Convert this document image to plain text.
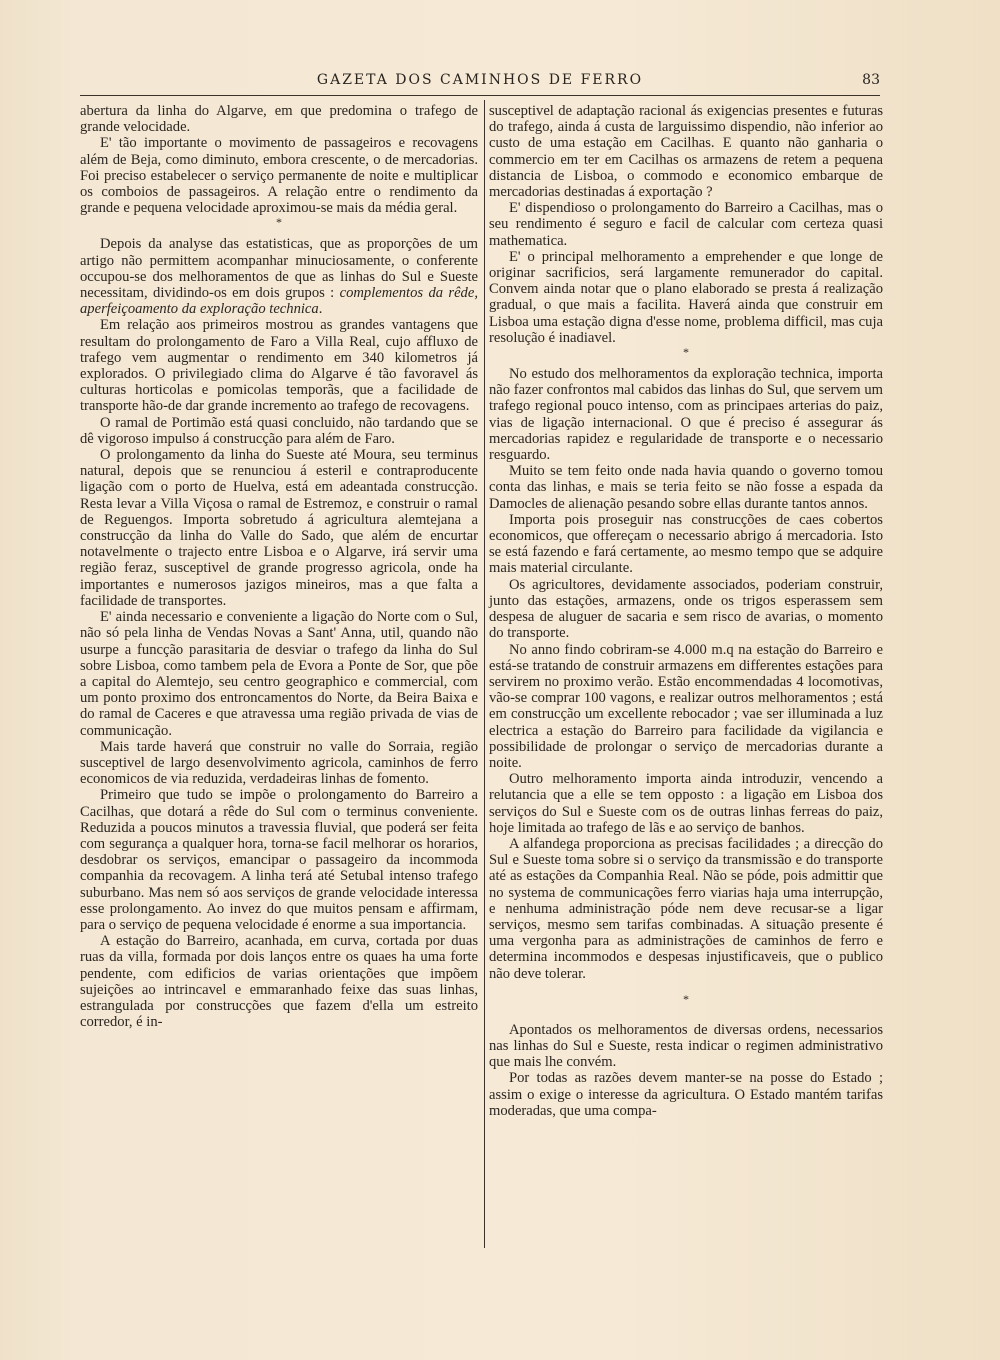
GAZETA DOS CAMINHOS DE FERRO	83

abertura da linha do Algarve, em que predomina o trafego de grande velocidade.

E' tão importante o movimento de passageiros e recovagens além de Beja, como diminuto, embora crescente, o de mercadorias. Foi preciso estabelecer o serviço permanente de noite e multiplicar os comboios de passageiros. A relação entre o rendimento da grande e pequena velocidade aproximou-se mais da média geral.

*

Depois da analyse das estatisticas, que as proporções de um artigo não permittem acompanhar minuciosamente, o conferente occupou-se dos melhoramentos de que as linhas do Sul e Sueste necessitam, dividindo-os em dois grupos : complementos da rêde, aperfeiçoamento da exploração technica.

Em relação aos primeiros mostrou as grandes vantagens que resultam do prolongamento de Faro a Villa Real, cujo affluxo de trafego vem augmentar o rendimento em 340 kilometros já explorados. O privilegiado clima do Algarve é tão favoravel ás culturas horticolas e pomicolas temporãs, que a facilidade de transporte hão-de dar grande incremento ao trafego de recovagens.

O ramal de Portimão está quasi concluido, não tardando que se dê vigoroso impulso á construcção para além de Faro.

O prolongamento da linha do Sueste até Moura, seu terminus natural, depois que se renunciou á esteril e contraproducente ligação com o porto de Huelva, está em adeantada construcção. Resta levar a Villa Viçosa o ramal de Estremoz, e construir o ramal de Reguengos. Importa sobretudo á agricultura alemtejana a construcção da linha do Valle do Sado, que além de encurtar notavelmente o trajecto entre Lisboa e o Algarve, irá servir uma região feraz, susceptivel de grande progresso agricola, onde ha importantes e numerosos jazigos mineiros, mas a que falta a facilidade de transportes.

E' ainda necessario e conveniente a ligação do Norte com o Sul, não só pela linha de Vendas Novas a Sant' Anna, util, quando não usurpe a funcção parasitaria de desviar o trafego da linha do Sul sobre Lisboa, como tambem pela de Evora a Ponte de Sor, que põe a capital do Alemtejo, seu centro geographico e commercial, com um ponto proximo dos entroncamentos do Norte, da Beira Baixa e do ramal de Caceres e que atravessa uma região privada de vias de communicação.

Mais tarde haverá que construir no valle do Sorraia, região susceptivel de largo desenvolvimento agricola, caminhos de ferro economicos de via reduzida, verdadeiras linhas de fomento.

Primeiro que tudo se impõe o prolongamento do Barreiro a Cacilhas, que dotará a rêde do Sul com o terminus conveniente. Reduzida a poucos minutos a travessia fluvial, que poderá ser feita com segurança a qualquer hora, torna-se facil melhorar os horarios, desdobrar os serviços, emancipar o passageiro da incommoda companhia da recovagem. A linha terá até Setubal intenso trafego suburbano. Mas nem só aos serviços de grande velocidade interessa esse prolongamento. Ao invez do que muitos pensam e affirmam, para o serviço de pequena velocidade é enorme a sua importancia.

A estação do Barreiro, acanhada, em curva, cortada por duas ruas da villa, formada por dois lanços entre os quaes ha uma forte pendente, com edificios de varias orientações que impõem sujeições ao intrincavel e emmaranhado feixe das suas linhas, estrangulada por construcções que fazem d'ella um estreito corredor, é in-

susceptivel de adaptação racional ás exigencias presentes e futuras do trafego, ainda á custa de larguissimo dispendio, não inferior ao custo de uma estação em Cacilhas. E quanto não ganharia o commercio em ter em Cacilhas os armazens de retem a pequena distancia de Lisboa, o commodo e economico embarque de mercadorias destinadas á exportação ?

E' dispendioso o prolongamento do Barreiro a Cacilhas, mas o seu rendimento é seguro e facil de calcular com certeza quasi mathematica.

E' o principal melhoramento a emprehender e que longe de originar sacrificios, será largamente remunerador do capital. Convem ainda notar que o plano elaborado se presta á realização gradual, o que mais a facilita. Haverá ainda que construir em Lisboa uma estação digna d'esse nome, problema difficil, mas cuja resolução é inadiavel.

*

No estudo dos melhoramentos da exploração technica, importa não fazer confrontos mal cabidos das linhas do Sul, que servem um trafego regional pouco intenso, com as principaes arterias do paiz, vias de ligação internacional. O que é preciso é assegurar ás mercadorias rapidez e regularidade de transporte e o necessario resguardo.

Muito se tem feito onde nada havia quando o governo tomou conta das linhas, e mais se teria feito se não fosse a espada da Damocles de alienação pesando sobre ellas durante tantos annos.

Importa pois proseguir nas construcções de caes cobertos economicos, que offereçam o necessario abrigo á mercadoria. Isto se está fazendo e fará certamente, ao mesmo tempo que se adquire mais material circulante.

Os agricultores, devidamente associados, poderiam construir, junto das estações, armazens, onde os trigos esperassem sem despesa de aluguer de sacaria e sem risco de avarias, o momento do transporte.

No anno findo cobriram-se 4.000 m.q na estação do Barreiro e está-se tratando de construir armazens em differentes estações para servirem no proximo verão. Estão encommendadas 4 locomotivas, vão-se comprar 100 vagons, e realizar outros melhoramentos ; está em construcção um excellente rebocador ; vae ser illuminada a luz electrica a estação do Barreiro para facilidade da vigilancia e possibilidade de prolongar o serviço de mercadorias durante a noite.

Outro melhoramento importa ainda introduzir, vencendo a relutancia que a elle se tem opposto : a ligação em Lisboa dos serviços do Sul e Sueste com os de outras linhas ferreas do paiz, hoje limitada ao trafego de lãs e ao serviço de banhos.

A alfandega proporciona as precisas facilidades ; a direcção do Sul e Sueste toma sobre si o serviço da transmissão e do transporte até as estações da Companhia Real. Não se póde, pois admittir que no systema de communicações ferro viarias haja uma interrupção, e nenhuma administração póde nem deve recusar-se a ligar serviços, mesmo sem tarifas combinadas. A situação presente é uma vergonha para as administrações de caminhos de ferro e determina incommodos e despesas injustificaveis, que o publico não deve tolerar.

*

Apontados os melhoramentos de diversas ordens, necessarios nas linhas do Sul e Sueste, resta indicar o regimen administrativo que mais lhe convém.

Por todas as razões devem manter-se na posse do Estado ; assim o exige o interesse da agricultura. O Estado mantém tarifas moderadas, que uma compa-
